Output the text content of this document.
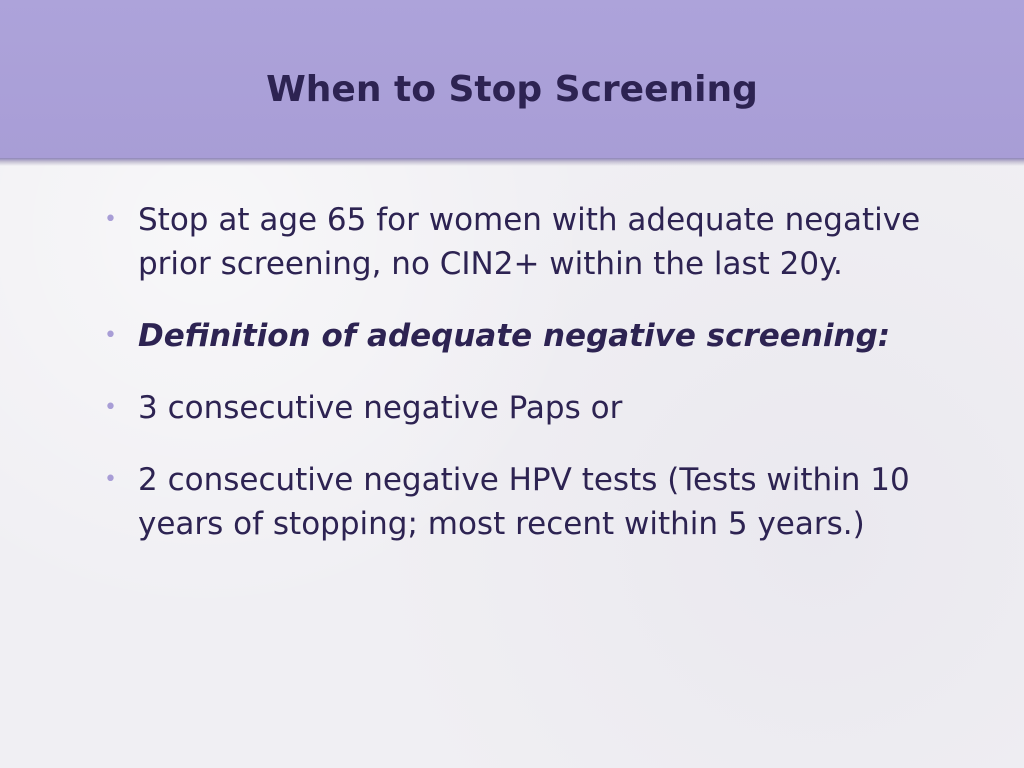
When to Stop Screening
• Stop at age 65 for women with adequate negative prior screening, no CIN2+ within the last 20y.
• Definition of adequate negative screening:
• 3 consecutive negative Paps or
• 2 consecutive negative HPV tests (Tests within 10 years of stopping; most recent within 5 years.)
